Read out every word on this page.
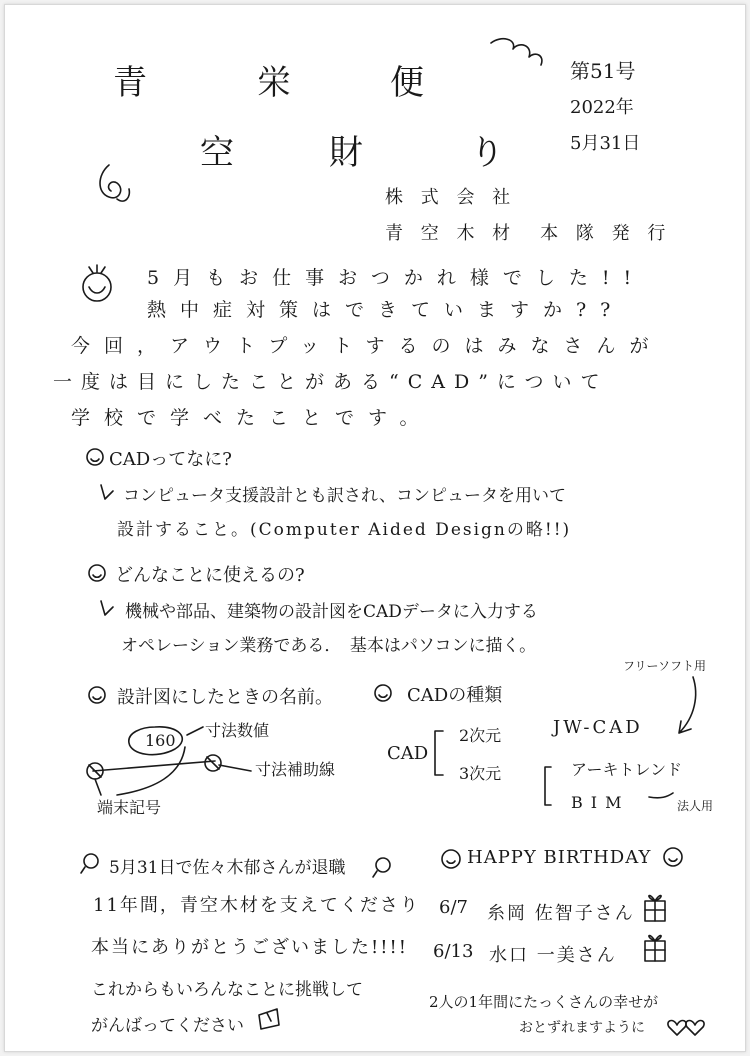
青	栄	便
空	財	り
第51号
2022年
5月31日
株 式 会 社
青 空 木 材　本 隊 発 行
5月もお仕事おつかれ様でした!!
熱中症対策はできていますか??
今回，アウトプットするのはみなさんが
一度は目にしたことがある“CAD”について
学校で学べたことです。
CADってなに?
コンピュータ支援設計とも訳され、コンピュータを用いて
設計すること。(Computer Aided Designの略!!)
どんなことに使えるの?
機械や部品、建築物の設計図をCADデータに入力する
オペレーション業務である．　基本はパソコンに描く。
設計図にしたときの名前。
160
寸法数値
寸法補助線
端末記号
CADの種類
CAD
2次元
3次元
JW-CAD
アーキトレンド
BIM
フリーソフト用
法人用
5月31日で佐々木郁さんが退職
11年間，青空木材を支えてくださり
本当にありがとうございました!!!!
これからもいろんなことに挑戦して
がんばってください
HAPPY BIRTHDAY
6/7 糸岡 佐智子さん
6/13 水口 一美さん
2人の1年間にたっくさんの幸せが
おとずれますように
